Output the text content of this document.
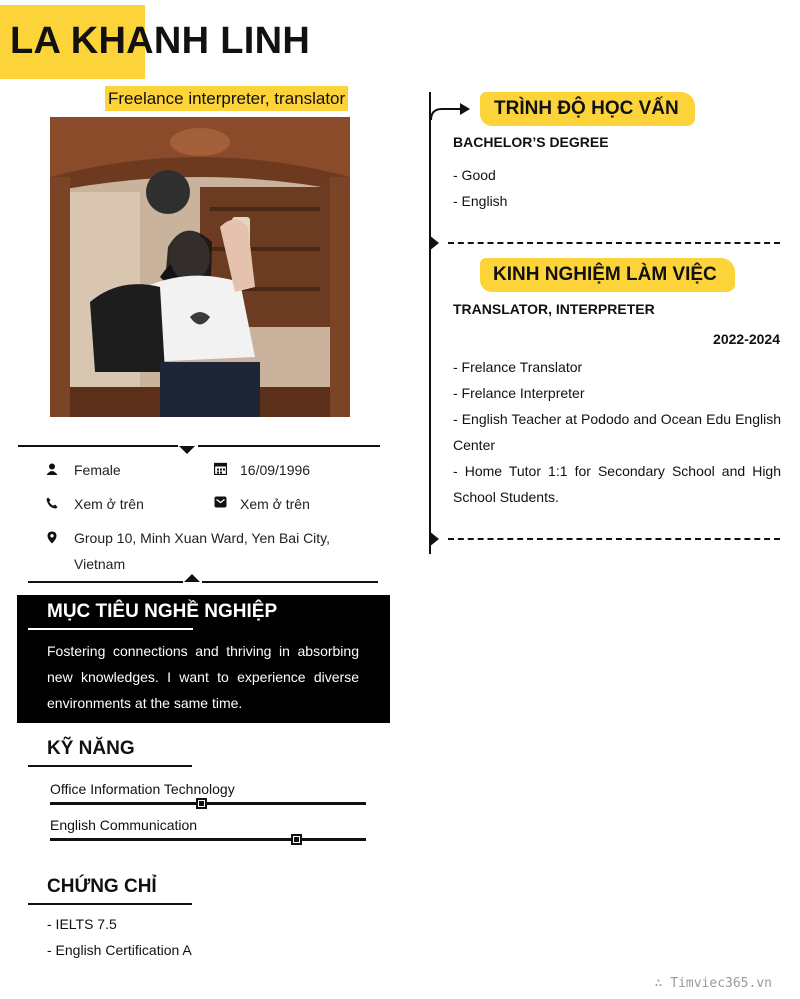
LA KHANH LINH
Freelance interpreter, translator
Female	16/09/1996
Xem ở trên	Xem ở trên
Group 10, Minh Xuan Ward, Yen Bai City,
Vietnam
MỤC TIÊU NGHỀ NGHIỆP
Fostering connections and thriving in absorbing new knowledges. I want to experience diverse environments at the same time.
KỸ NĂNG
Office Information Technology
English Communication
CHỨNG CHỈ
- IELTS 7.5
- English Certification A
TRÌNH ĐỘ HỌC VẤN
BACHELOR’S DEGREE
- Good
- English
KINH NGHIỆM LÀM VIỆC
TRANSLATOR, INTERPRETER
2022-2024
- Frelance Translator
- Frelance Interpreter
- English Teacher at Pododo and Ocean Edu English Center
- Home Tutor 1:1 for Secondary School and High School Students.
∴ Timviec365.vn
